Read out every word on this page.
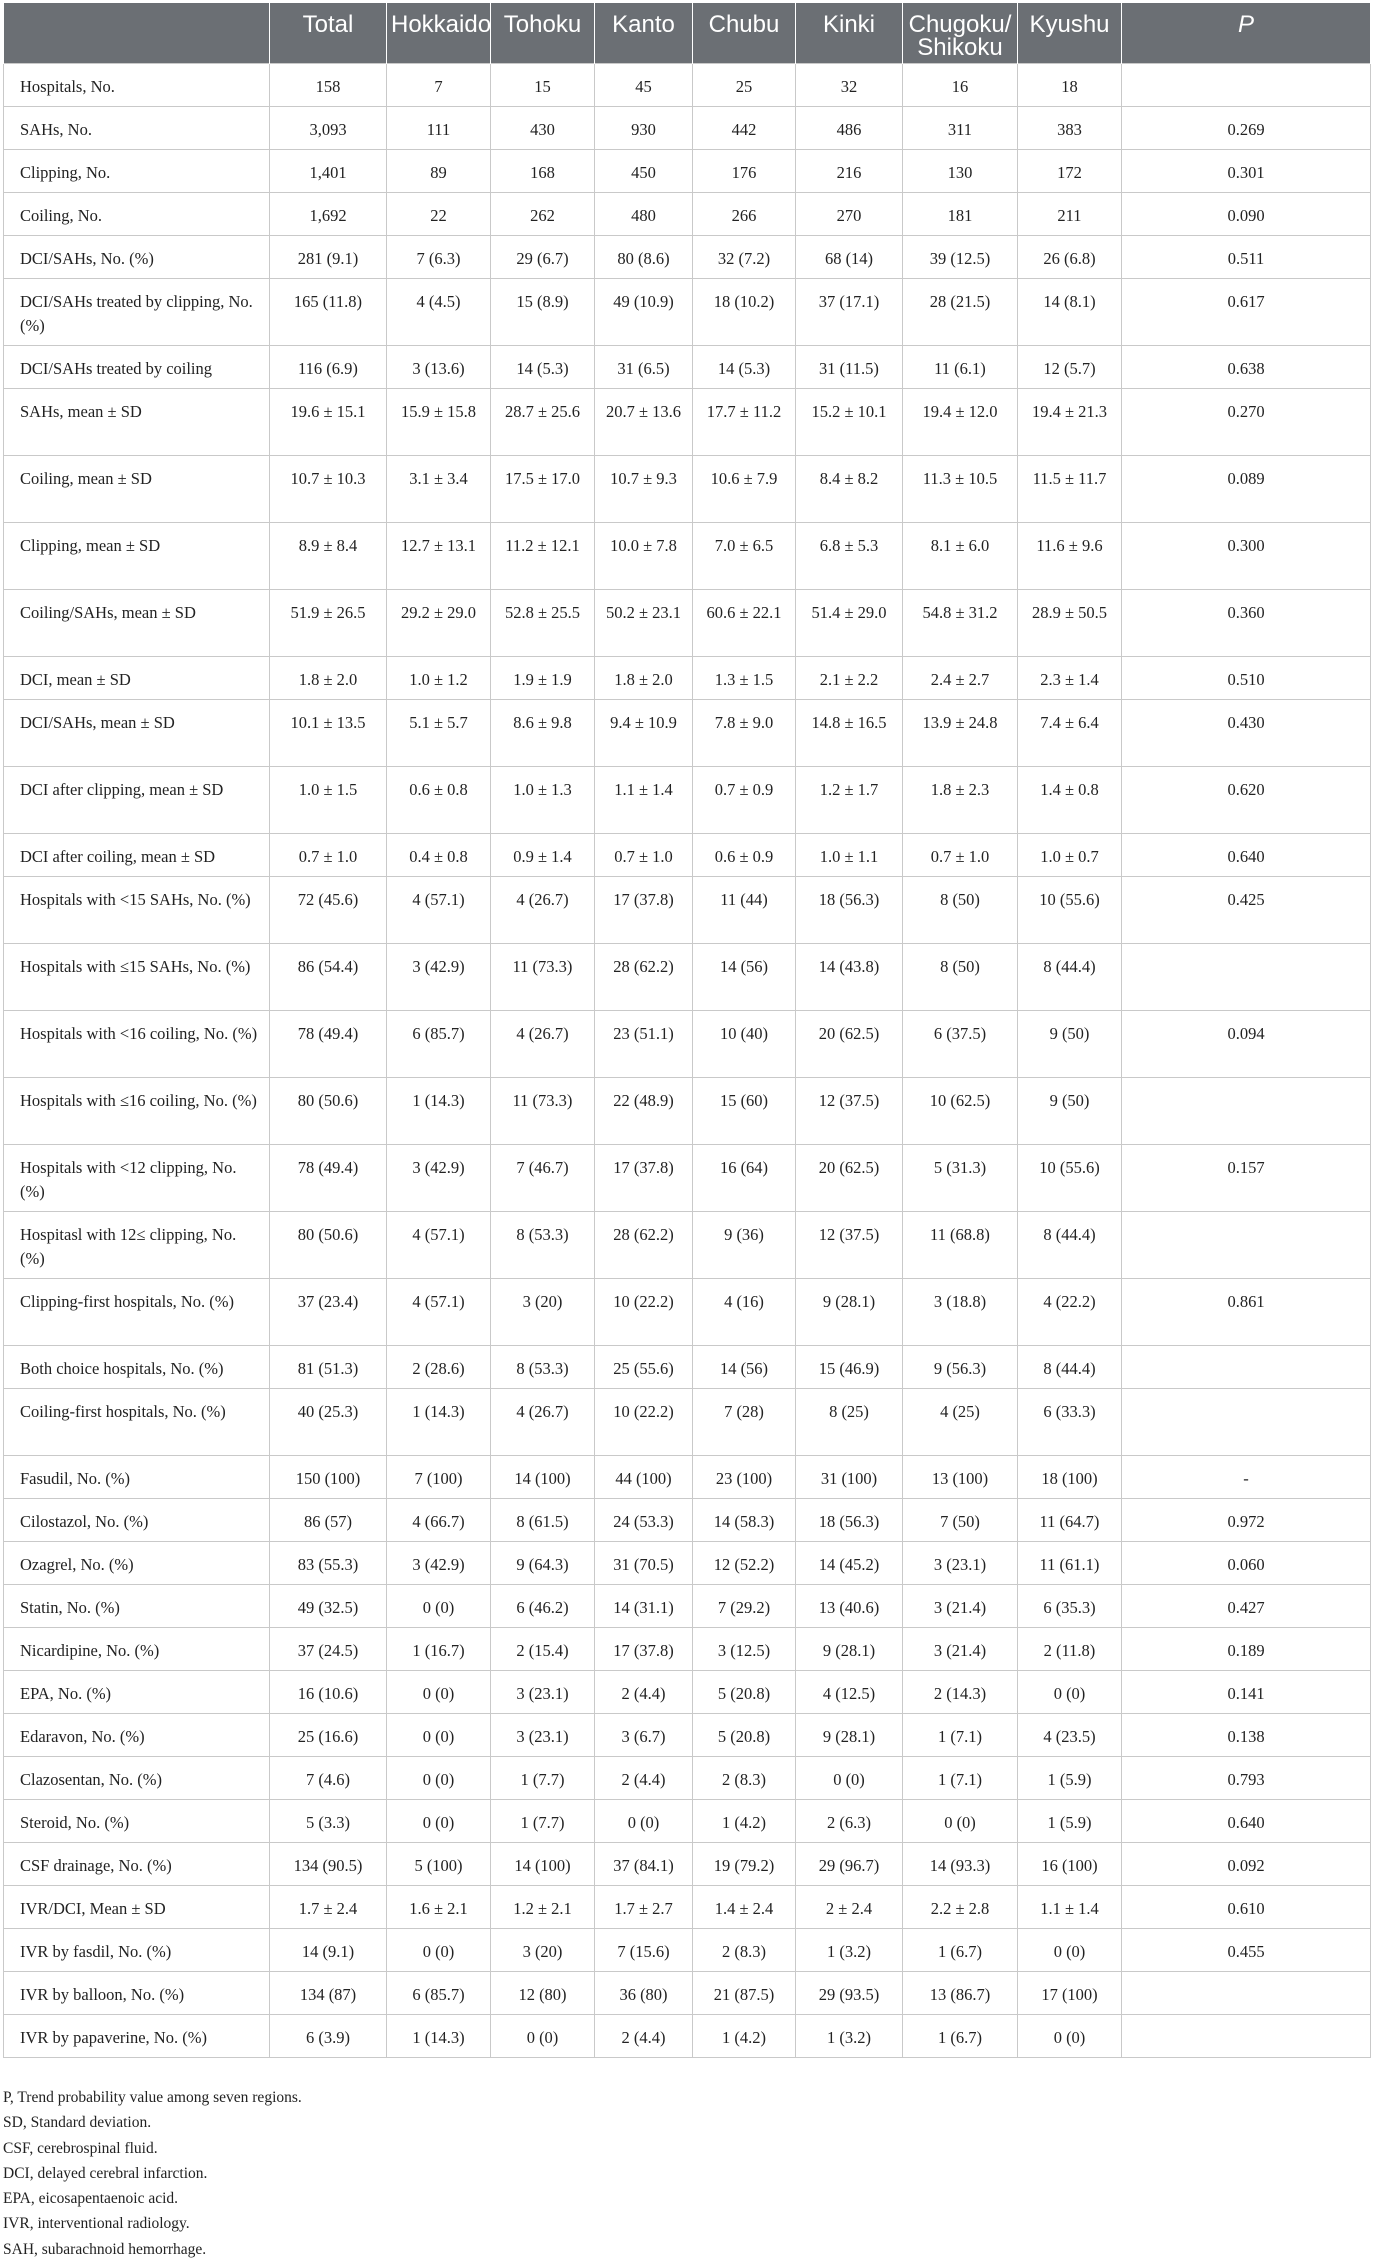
	Total	Hokkaido	Tohoku	Kanto	Chubu	Kinki	Chugoku/
Shikoku	Kyushu	P
Hospitals, No.	158	7	15	45	25	32	16	18	
SAHs, No.	3,093	111	430	930	442	486	311	383	0.269
Clipping, No.	1,401	89	168	450	176	216	130	172	0.301
Coiling, No.	1,692	22	262	480	266	270	181	211	0.090
DCI/SAHs, No. (%)	281 (9.1)	7 (6.3)	29 (6.7)	80 (8.6)	32 (7.2)	68 (14)	39 (12.5)	26 (6.8)	0.511
DCI/SAHs treated by clipping, No. (%)	165 (11.8)	4 (4.5)	15 (8.9)	49 (10.9)	18 (10.2)	37 (17.1)	28 (21.5)	14 (8.1)	0.617
DCI/SAHs treated by coiling	116 (6.9)	3 (13.6)	14 (5.3)	31 (6.5)	14 (5.3)	31 (11.5)	11 (6.1)	12 (5.7)	0.638
SAHs, mean ± SD	19.6 ± 15.1	15.9 ± 15.8	28.7 ± 25.6	20.7 ± 13.6	17.7 ± 11.2	15.2 ± 10.1	19.4 ± 12.0	19.4 ± 21.3	0.270
Coiling, mean ± SD	10.7 ± 10.3	3.1 ± 3.4	17.5 ± 17.0	10.7 ± 9.3	10.6 ± 7.9	8.4 ± 8.2	11.3 ± 10.5	11.5 ± 11.7	0.089
Clipping, mean ± SD	8.9 ± 8.4	12.7 ± 13.1	11.2 ± 12.1	10.0 ± 7.8	7.0 ± 6.5	6.8 ± 5.3	8.1 ± 6.0	11.6 ± 9.6	0.300
Coiling/SAHs, mean ± SD	51.9 ± 26.5	29.2 ± 29.0	52.8 ± 25.5	50.2 ± 23.1	60.6 ± 22.1	51.4 ± 29.0	54.8 ± 31.2	28.9 ± 50.5	0.360
DCI, mean ± SD	1.8 ± 2.0	1.0 ± 1.2	1.9 ± 1.9	1.8 ± 2.0	1.3 ± 1.5	2.1 ± 2.2	2.4 ± 2.7	2.3 ± 1.4	0.510
DCI/SAHs, mean ± SD	10.1 ± 13.5	5.1 ± 5.7	8.6 ± 9.8	9.4 ± 10.9	7.8 ± 9.0	14.8 ± 16.5	13.9 ± 24.8	7.4 ± 6.4	0.430
DCI after clipping, mean ± SD	1.0 ± 1.5	0.6 ± 0.8	1.0 ± 1.3	1.1 ± 1.4	0.7 ± 0.9	1.2 ± 1.7	1.8 ± 2.3	1.4 ± 0.8	0.620
DCI after coiling, mean ± SD	0.7 ± 1.0	0.4 ± 0.8	0.9 ± 1.4	0.7 ± 1.0	0.6 ± 0.9	1.0 ± 1.1	0.7 ± 1.0	1.0 ± 0.7	0.640
Hospitals with <15 SAHs, No. (%)	72 (45.6)	4 (57.1)	4 (26.7)	17 (37.8)	11 (44)	18 (56.3)	8 (50)	10 (55.6)	0.425
Hospitals with ≤15 SAHs, No. (%)	86 (54.4)	3 (42.9)	11 (73.3)	28 (62.2)	14 (56)	14 (43.8)	8 (50)	8 (44.4)	
Hospitals with <16 coiling, No. (%)	78 (49.4)	6 (85.7)	4 (26.7)	23 (51.1)	10 (40)	20 (62.5)	6 (37.5)	9 (50)	0.094
Hospitals with ≤16 coiling, No. (%)	80 (50.6)	1 (14.3)	11 (73.3)	22 (48.9)	15 (60)	12 (37.5)	10 (62.5)	9 (50)	
Hospitals with <12 clipping, No. (%)	78 (49.4)	3 (42.9)	7 (46.7)	17 (37.8)	16 (64)	20 (62.5)	5 (31.3)	10 (55.6)	0.157
Hospitasl with 12≤ clipping, No. (%)	80 (50.6)	4 (57.1)	8 (53.3)	28 (62.2)	9 (36)	12 (37.5)	11 (68.8)	8 (44.4)	
Clipping-first hospitals, No. (%)	37 (23.4)	4 (57.1)	3 (20)	10 (22.2)	4 (16)	9 (28.1)	3 (18.8)	4 (22.2)	0.861
Both choice hospitals, No. (%)	81 (51.3)	2 (28.6)	8 (53.3)	25 (55.6)	14 (56)	15 (46.9)	9 (56.3)	8 (44.4)	
Coiling-first hospitals, No. (%)	40 (25.3)	1 (14.3)	4 (26.7)	10 (22.2)	7 (28)	8 (25)	4 (25)	6 (33.3)	
Fasudil, No. (%)	150 (100)	7 (100)	14 (100)	44 (100)	23 (100)	31 (100)	13 (100)	18 (100)	-
Cilostazol, No. (%)	86 (57)	4 (66.7)	8 (61.5)	24 (53.3)	14 (58.3)	18 (56.3)	7 (50)	11 (64.7)	0.972
Ozagrel, No. (%)	83 (55.3)	3 (42.9)	9 (64.3)	31 (70.5)	12 (52.2)	14 (45.2)	3 (23.1)	11 (61.1)	0.060
Statin, No. (%)	49 (32.5)	0 (0)	6 (46.2)	14 (31.1)	7 (29.2)	13 (40.6)	3 (21.4)	6 (35.3)	0.427
Nicardipine, No. (%)	37 (24.5)	1 (16.7)	2 (15.4)	17 (37.8)	3 (12.5)	9 (28.1)	3 (21.4)	2 (11.8)	0.189
EPA, No. (%)	16 (10.6)	0 (0)	3 (23.1)	2 (4.4)	5 (20.8)	4 (12.5)	2 (14.3)	0 (0)	0.141
Edaravon, No. (%)	25 (16.6)	0 (0)	3 (23.1)	3 (6.7)	5 (20.8)	9 (28.1)	1 (7.1)	4 (23.5)	0.138
Clazosentan, No. (%)	7 (4.6)	0 (0)	1 (7.7)	2 (4.4)	2 (8.3)	0 (0)	1 (7.1)	1 (5.9)	0.793
Steroid, No. (%)	5 (3.3)	0 (0)	1 (7.7)	0 (0)	1 (4.2)	2 (6.3)	0 (0)	1 (5.9)	0.640
CSF drainage, No. (%)	134 (90.5)	5 (100)	14 (100)	37 (84.1)	19 (79.2)	29 (96.7)	14 (93.3)	16 (100)	0.092
IVR/DCI, Mean ± SD	1.7 ± 2.4	1.6 ± 2.1	1.2 ± 2.1	1.7 ± 2.7	1.4 ± 2.4	2 ± 2.4	2.2 ± 2.8	1.1 ± 1.4	0.610
IVR by fasdil, No. (%)	14 (9.1)	0 (0)	3 (20)	7 (15.6)	2 (8.3)	1 (3.2)	1 (6.7)	0 (0)	0.455
IVR by balloon, No. (%)	134 (87)	6 (85.7)	12 (80)	36 (80)	21 (87.5)	29 (93.5)	13 (86.7)	17 (100)	
IVR by papaverine, No. (%)	6 (3.9)	1 (14.3)	0 (0)	2 (4.4)	1 (4.2)	1 (3.2)	1 (6.7)	0 (0)	
P, Trend probability value among seven regions.
SD, Standard deviation.
CSF, cerebrospinal fluid.
DCI, delayed cerebral infarction.
EPA, eicosapentaenoic acid.
IVR, interventional radiology.
SAH, subarachnoid hemorrhage.
